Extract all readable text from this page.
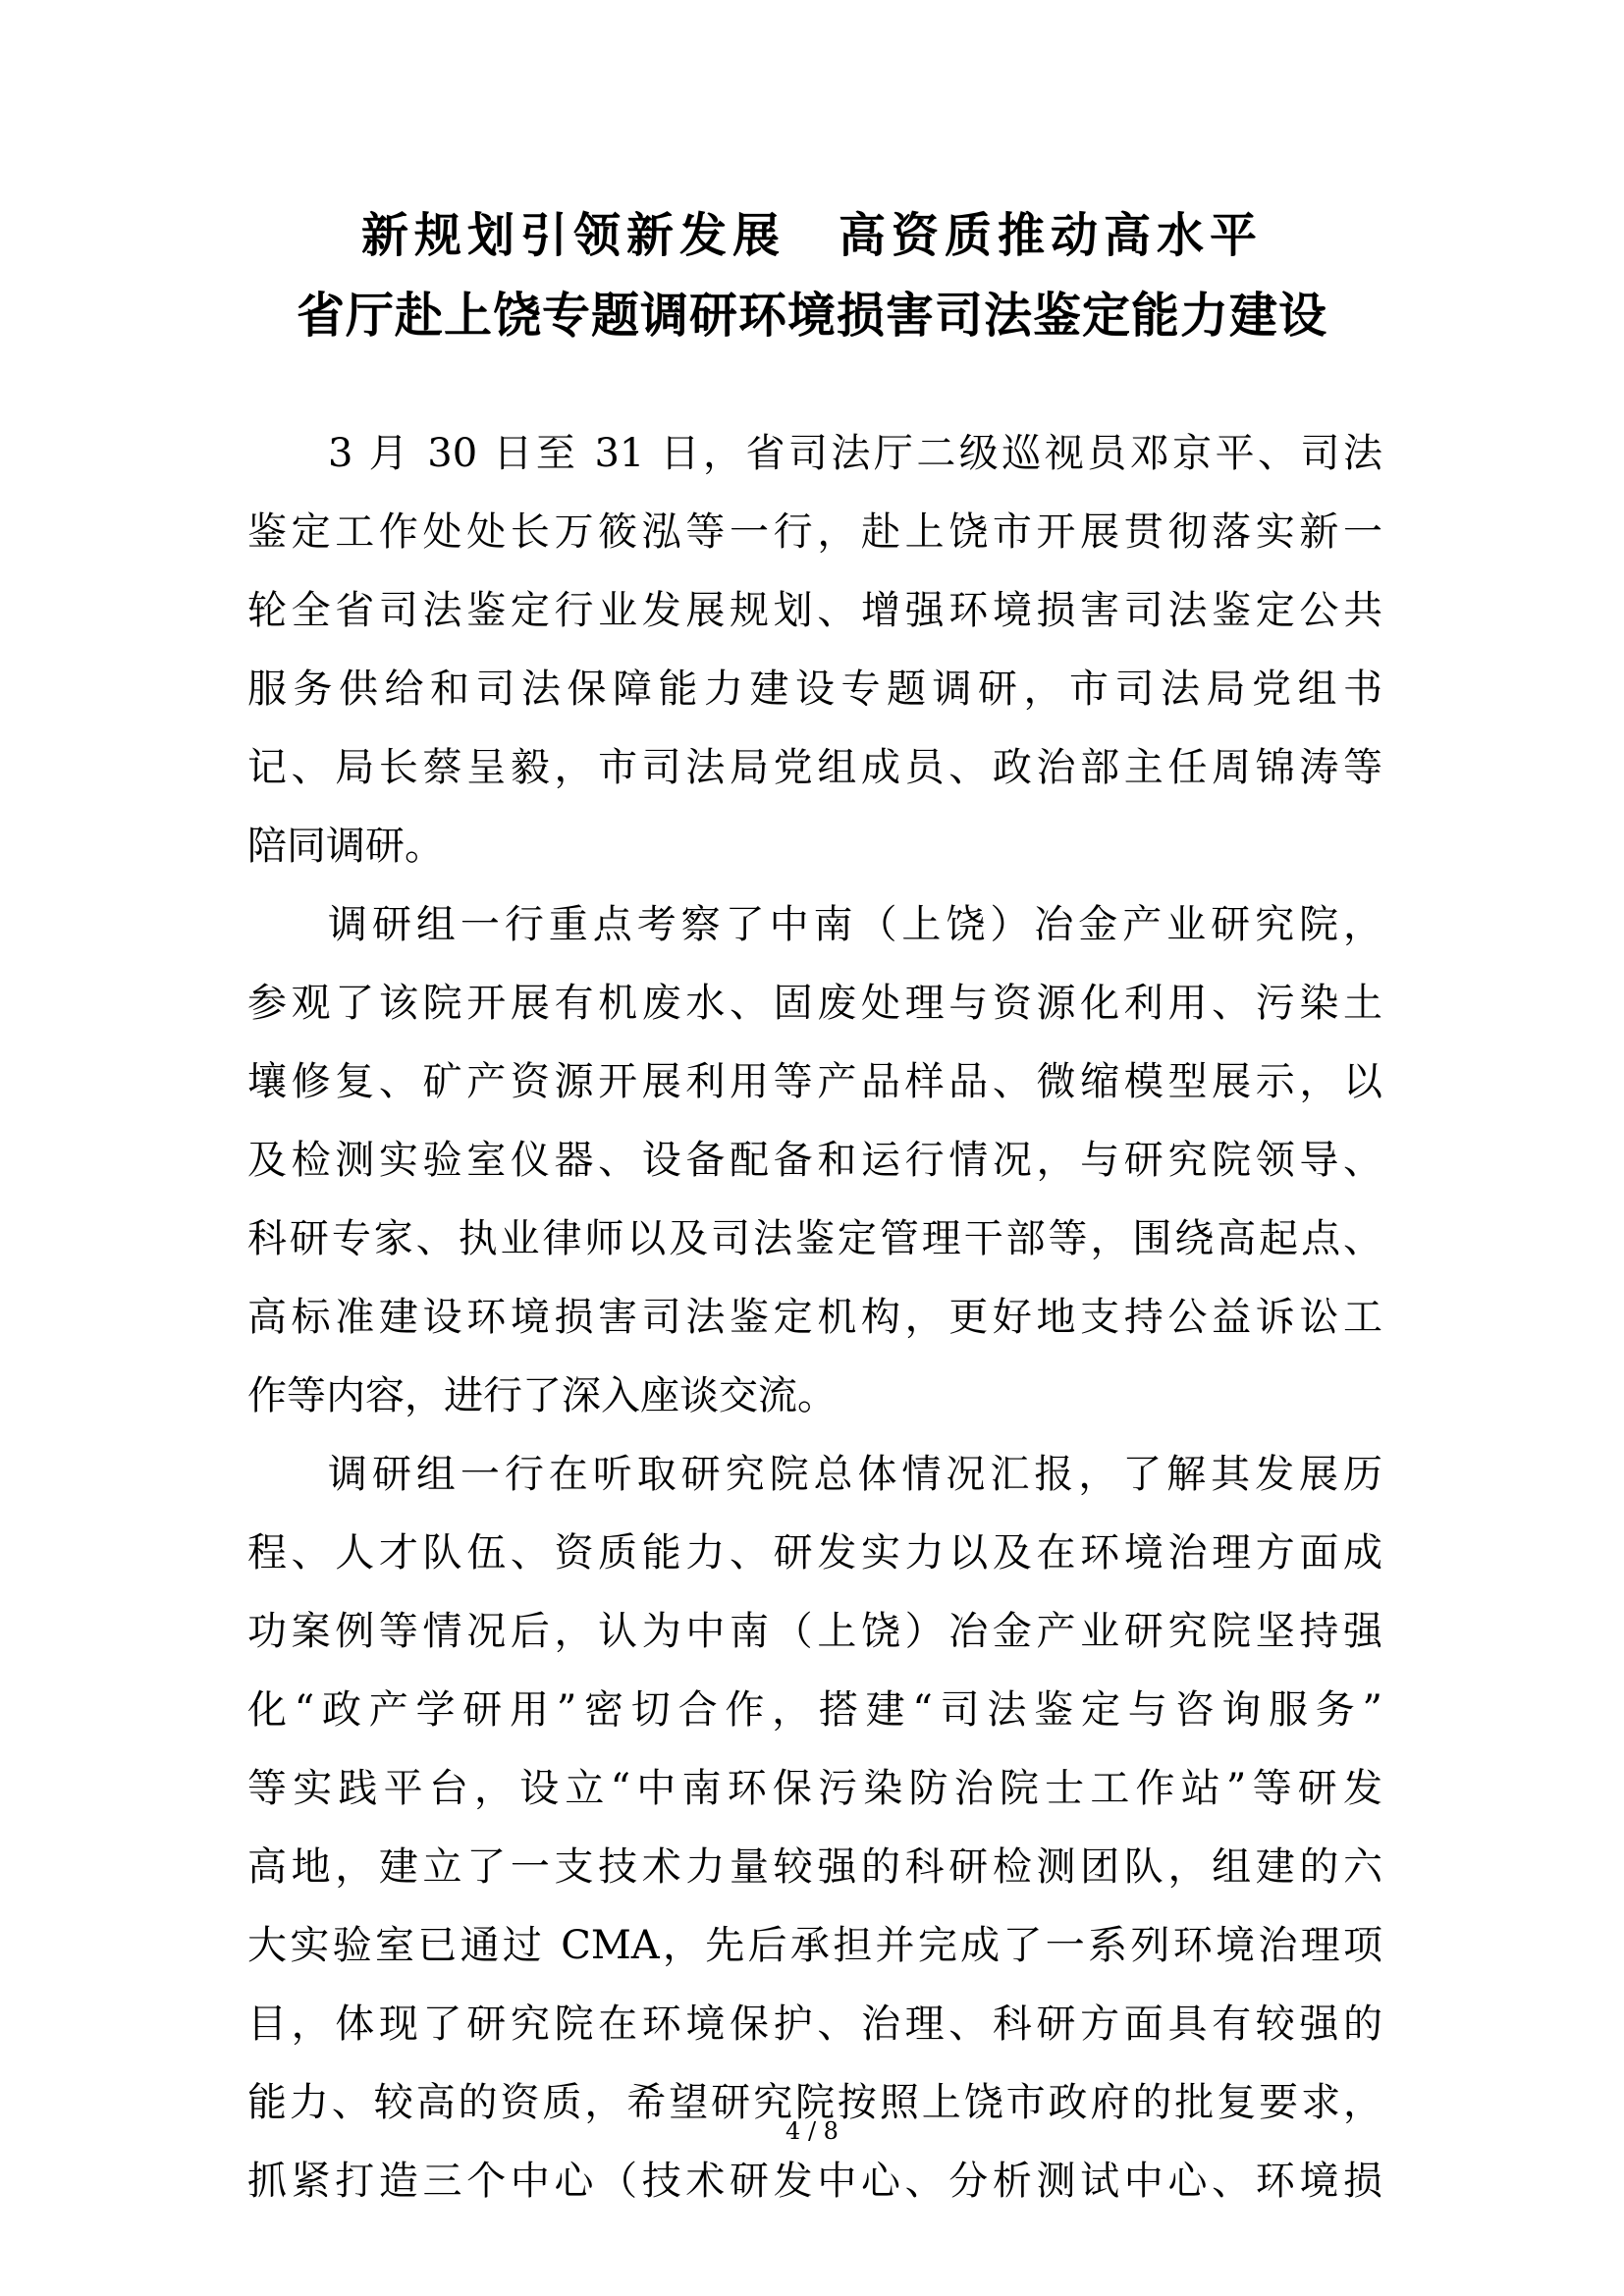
新规划引领新发展　高资质推动高水平
省厅赴上饶专题调研环境损害司法鉴定能力建设
3 月 30 日至 31 日，省司法厅二级巡视员邓京平、司法
鉴定工作处处长万筱泓等一行，赴上饶市开展贯彻落实新一
轮全省司法鉴定行业发展规划、增强环境损害司法鉴定公共
服务供给和司法保障能力建设专题调研，市司法局党组书
记、局长蔡呈毅，市司法局党组成员、政治部主任周锦涛等
陪同调研。
调研组一行重点考察了中南（上饶）冶金产业研究院，
参观了该院开展有机废水、固废处理与资源化利用、污染土
壤修复、矿产资源开展利用等产品样品、微缩模型展示，以
及检测实验室仪器、设备配备和运行情况，与研究院领导、
科研专家、执业律师以及司法鉴定管理干部等，围绕高起点、
高标准建设环境损害司法鉴定机构，更好地支持公益诉讼工
作等内容，进行了深入座谈交流。
调研组一行在听取研究院总体情况汇报，了解其发展历
程、人才队伍、资质能力、研发实力以及在环境治理方面成
功案例等情况后，认为中南（上饶）冶金产业研究院坚持强
化“政产学研用”密切合作，搭建“司法鉴定与咨询服务”
等实践平台，设立“中南环保污染防治院士工作站”等研发
高地，建立了一支技术力量较强的科研检测团队，组建的六
大实验室已通过 CMA，先后承担并完成了一系列环境治理项
目，体现了研究院在环境保护、治理、科研方面具有较强的
能力、较高的资质，希望研究院按照上饶市政府的批复要求，
抓紧打造三个中心（技术研发中心、分析测试中心、环境损
4 / 8
